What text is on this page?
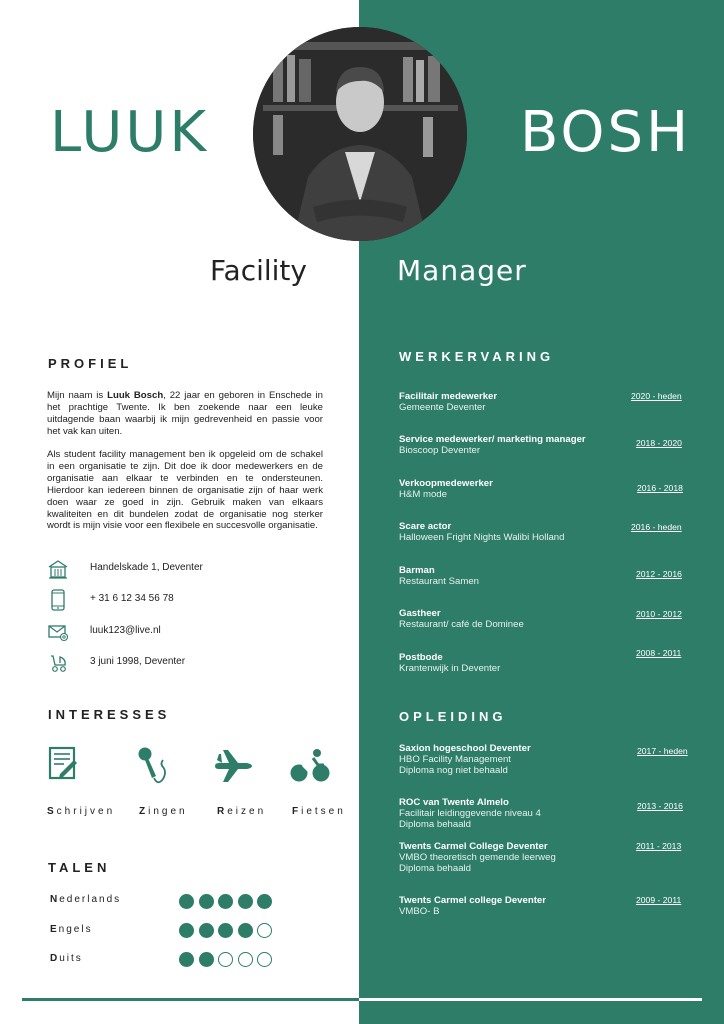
LUUK	BOSH
Facility	Manager
PROFIEL

Mijn naam is Luuk Bosch, 22 jaar en geboren in Enschede in het prachtige Twente. Ik ben zoekende naar een leuke uitdagende baan waarbij ik mijn gedrevenheid en passie voor het vak kan uiten.

Als student facility management ben ik opgeleid om de schakel in een organisatie te zijn. Dit doe ik door medewerkers en de organisatie aan elkaar te verbinden en te ondersteunen. Hierdoor kan iedereen binnen de organisatie zijn of haar werk doen waar ze goed in zijn. Gebruik maken van elkaars kwaliteiten en dit bundelen zodat de organisatie nog sterker wordt is mijn visie voor een flexibele en succesvolle organisatie.

Handelskade 1, Deventer
+ 31 6 12 34 56 78
luuk123@live.nl
3 juni 1998, Deventer
INTERESSES
Schrijven Zingen	Reizen	Fietsen
TALEN
Nederlands
Engels
Duits
WERKERVARING
Facilitair medewerker
Gemeente Deventer
2020 - heden
Service medewerker/ marketing manager
Bioscoop Deventer
2018 - 2020
Verkoopmedewerker
H&M mode
2016 - 2018
Scare actor
Halloween Fright Nights Walibi Holland
2016 - heden
Barman
Restaurant Samen
2012 - 2016
Gastheer
Restaurant/ café de Dominee
2010 - 2012
Postbode
Krantenwijk in Deventer
2008 - 2011
OPLEIDING
Saxion hogeschool Deventer
HBO Facility Management
Diploma nog niet behaald
2017 - heden
ROC van Twente Almelo
Facilitair leidinggevende niveau 4
Diploma behaald
2013 - 2016
Twents Carmel College Deventer
VMBO theoretisch gemende leerweg
Diploma behaald
2011 - 2013
Twents Carmel college Deventer
VMBO- B
2009 - 2011
